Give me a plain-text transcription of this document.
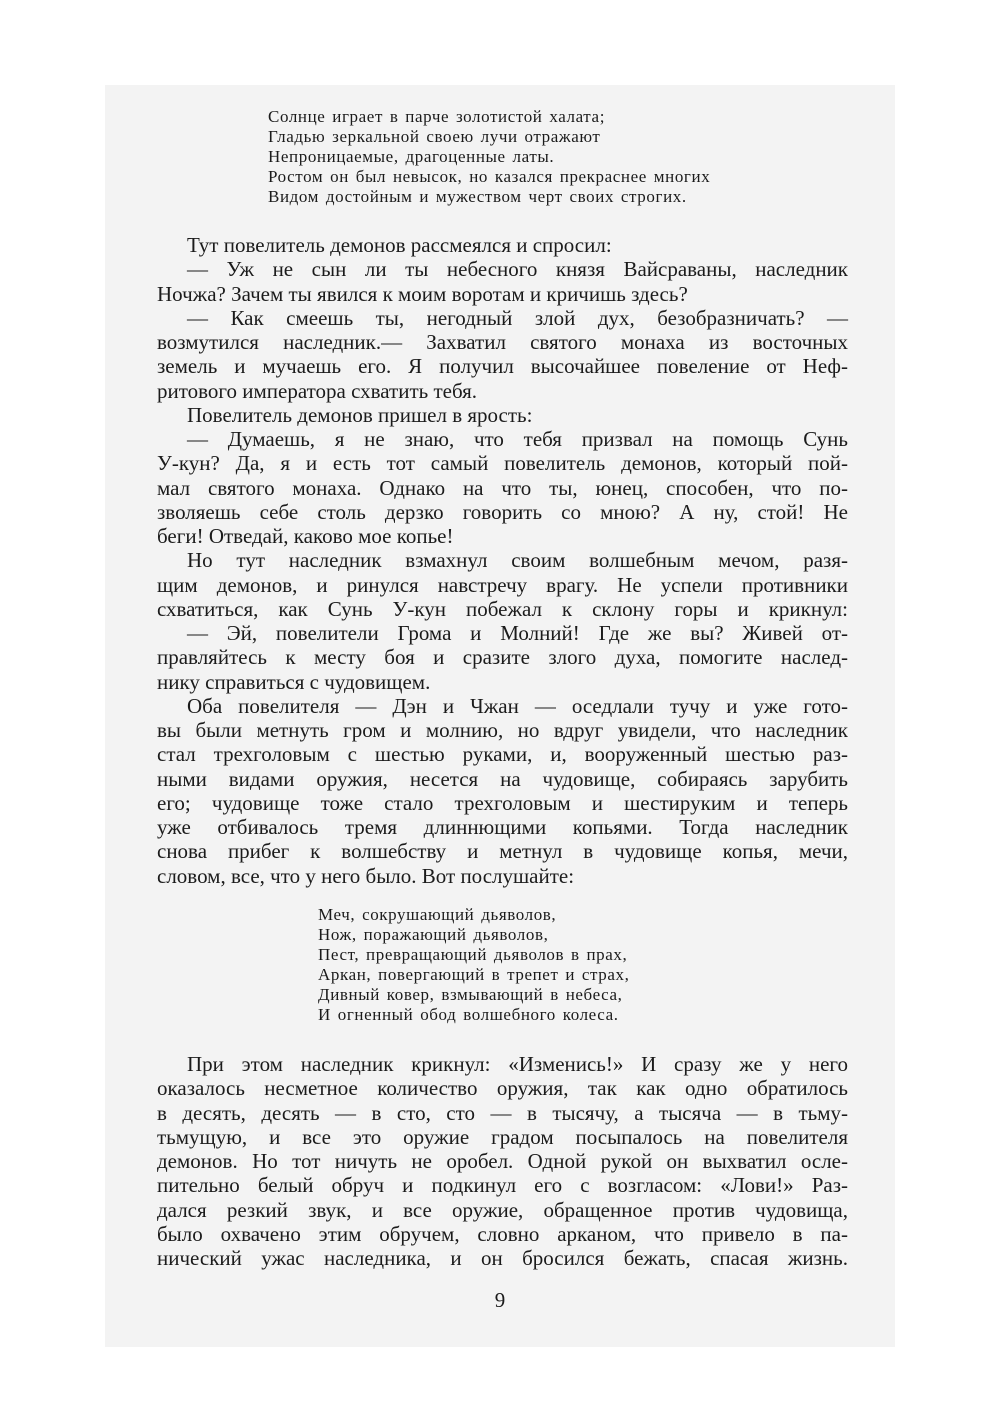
Солнце играет в парче золотистой халата;
Гладью зеркальной своею лучи отражают
Непроницаемые, драгоценные латы.
Ростом он был невысок, но казался прекраснее многих
Видом достойным и мужеством черт своих строгих.
Тут повелитель демонов рассмеялся и спросил:
— Уж не сын ли ты небесного князя Вайсраваны, наследник
Ночжа? Зачем ты явился к моим воротам и кричишь здесь?
— Как смеешь ты, негодный злой дух, безобразничать? —
возмутился наследник.— Захватил святого монаха из восточных
земель и мучаешь его. Я получил высочайшее повеление от Неф-
ритового императора схватить тебя.
Повелитель демонов пришел в ярость:
— Думаешь, я не знаю, что тебя призвал на помощь Сунь
У-кун? Да, я и есть тот самый повелитель демонов, который пой-
мал святого монаха. Однако на что ты, юнец, способен, что по-
зволяешь себе столь дерзко говорить со мною? А ну, стой! Не
беги! Отведай, каково мое копье!
Но тут наследник взмахнул своим волшебным мечом, разя-
щим демонов, и ринулся навстречу врагу. Не успели противники
схватиться, как Сунь У-кун побежал к склону горы и крикнул:
— Эй, повелители Грома и Молний! Где же вы? Живей от-
правляйтесь к месту боя и сразите злого духа, помогите наслед-
нику справиться с чудовищем.
Оба повелителя — Дэн и Чжан — оседлали тучу и уже гото-
вы были метнуть гром и молнию, но вдруг увидели, что наследник
стал трехголовым с шестью руками, и, вооруженный шестью раз-
ными видами оружия, несется на чудовище, собираясь зарубить
его; чудовище тоже стало трехголовым и шестируким и теперь
уже отбивалось тремя длиннющими копьями. Тогда наследник
снова прибег к волшебству и метнул в чудовище копья, мечи,
словом, все, что у него было. Вот послушайте:
Меч, сокрушающий дьяволов,
Нож, поражающий дьяволов,
Пест, превращающий дьяволов в прах,
Аркан, повергающий в трепет и страх,
Дивный ковер, взмывающий в небеса,
И огненный обод волшебного колеса.
При этом наследник крикнул: «Изменись!» И сразу же у него
оказалось несметное количество оружия, так как одно обратилось
в десять, десять — в сто, сто — в тысячу, а тысяча — в тьму-
тьмущую, и все это оружие градом посыпалось на повелителя
демонов. Но тот ничуть не оробел. Одной рукой он выхватил осле-
пительно белый обруч и подкинул его с возгласом: «Лови!» Раз-
дался резкий звук, и все оружие, обращенное против чудовища,
было охвачено этим обручем, словно арканом, что привело в па-
нический ужас наследника, и он бросился бежать, спасая жизнь.
9
